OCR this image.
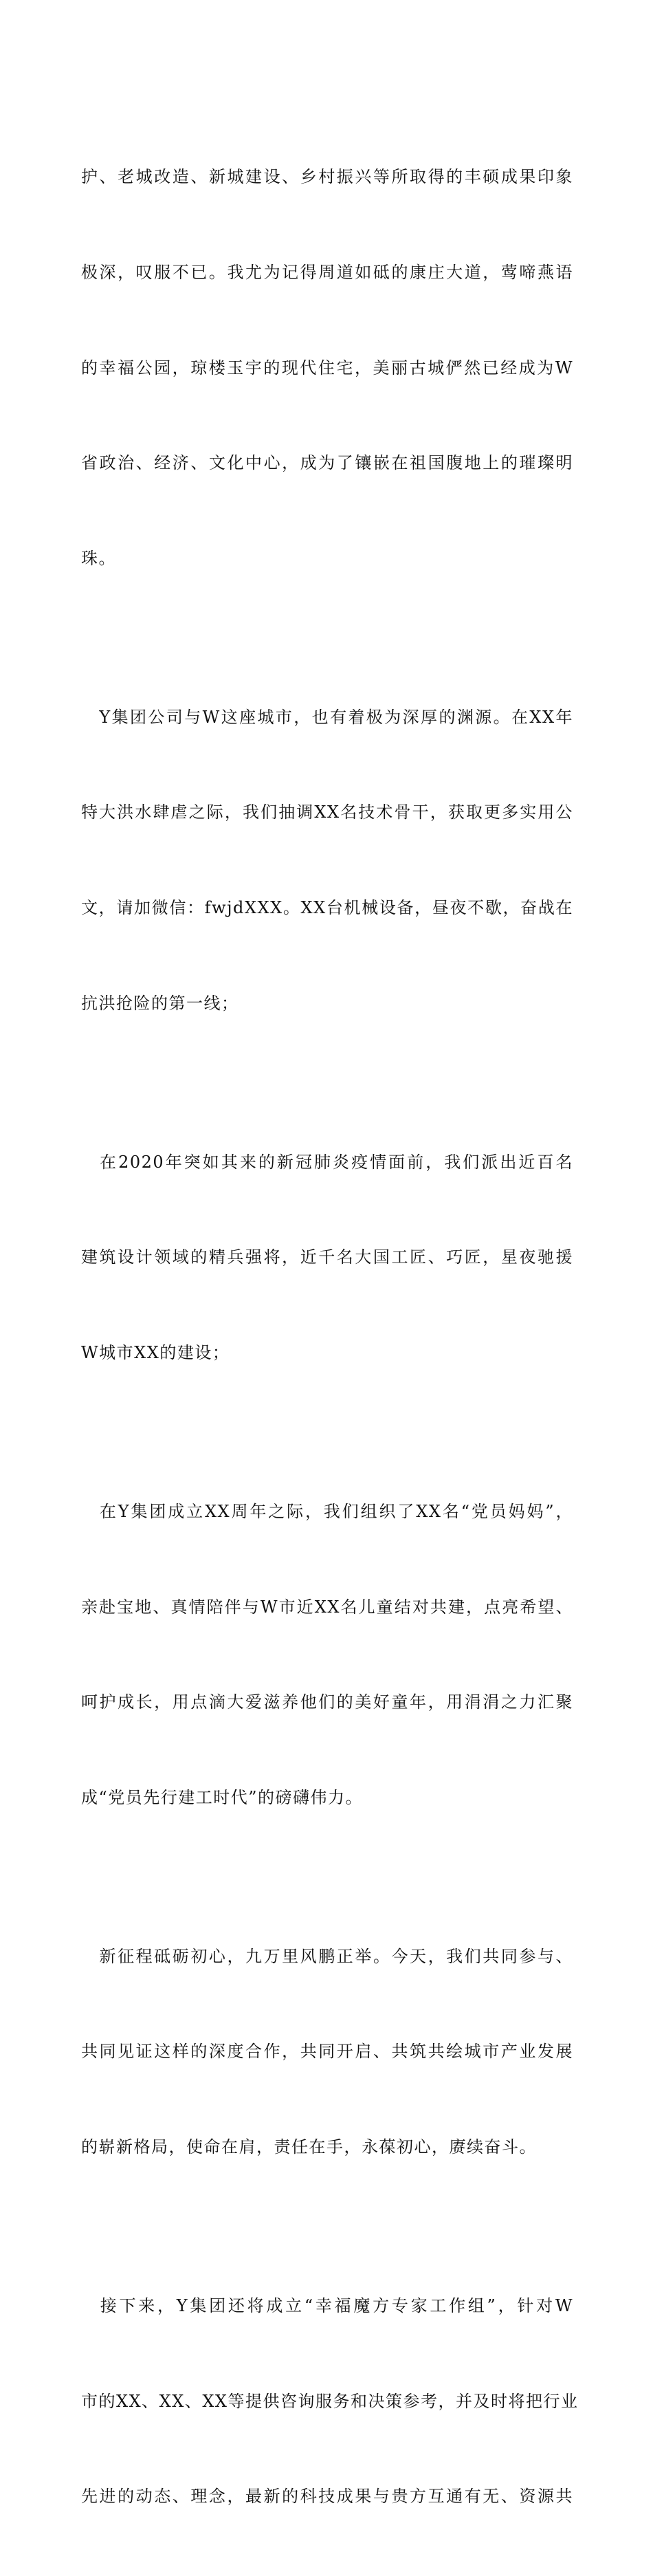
护、老城改造、新城建设、乡村振兴等所取得的丰硕成果印象

极深，叹服不已。我尤为记得周道如砥的康庄大道，莺啼燕语

的幸福公园，琼楼玉宇的现代住宅，美丽古城俨然已经成为W

省政治、经济、文化中心，成为了镶嵌在祖国腹地上的璀璨明

珠。

　Y集团公司与W这座城市，也有着极为深厚的渊源。在XX年

特大洪水肆虐之际，我们抽调XX名技术骨干，获取更多实用公

文，请加微信：fwjdXXX。XX台机械设备，昼夜不歇，奋战在

抗洪抢险的第一线；

　在2020年突如其来的新冠肺炎疫情面前，我们派出近百名

建筑设计领域的精兵强将，近千名大国工匠、巧匠，星夜驰援

W城市XX的建设；

　在Y集团成立XX周年之际，我们组织了XX名“党员妈妈”，

亲赴宝地、真情陪伴与W市近XX名儿童结对共建，点亮希望、

呵护成长，用点滴大爱滋养他们的美好童年，用涓涓之力汇聚

成“党员先行建工时代”的磅礴伟力。

　新征程砥砺初心，九万里风鹏正举。今天，我们共同参与、

共同见证这样的深度合作，共同开启、共筑共绘城市产业发展

的崭新格局，使命在肩，责任在手，永葆初心，赓续奋斗。

　接下来，Y集团还将成立“幸福魔方专家工作组”，针对W

市的XX、XX、XX等提供咨询服务和决策参考，并及时将把行业

先进的动态、理念，最新的科技成果与贵方互通有无、资源共
